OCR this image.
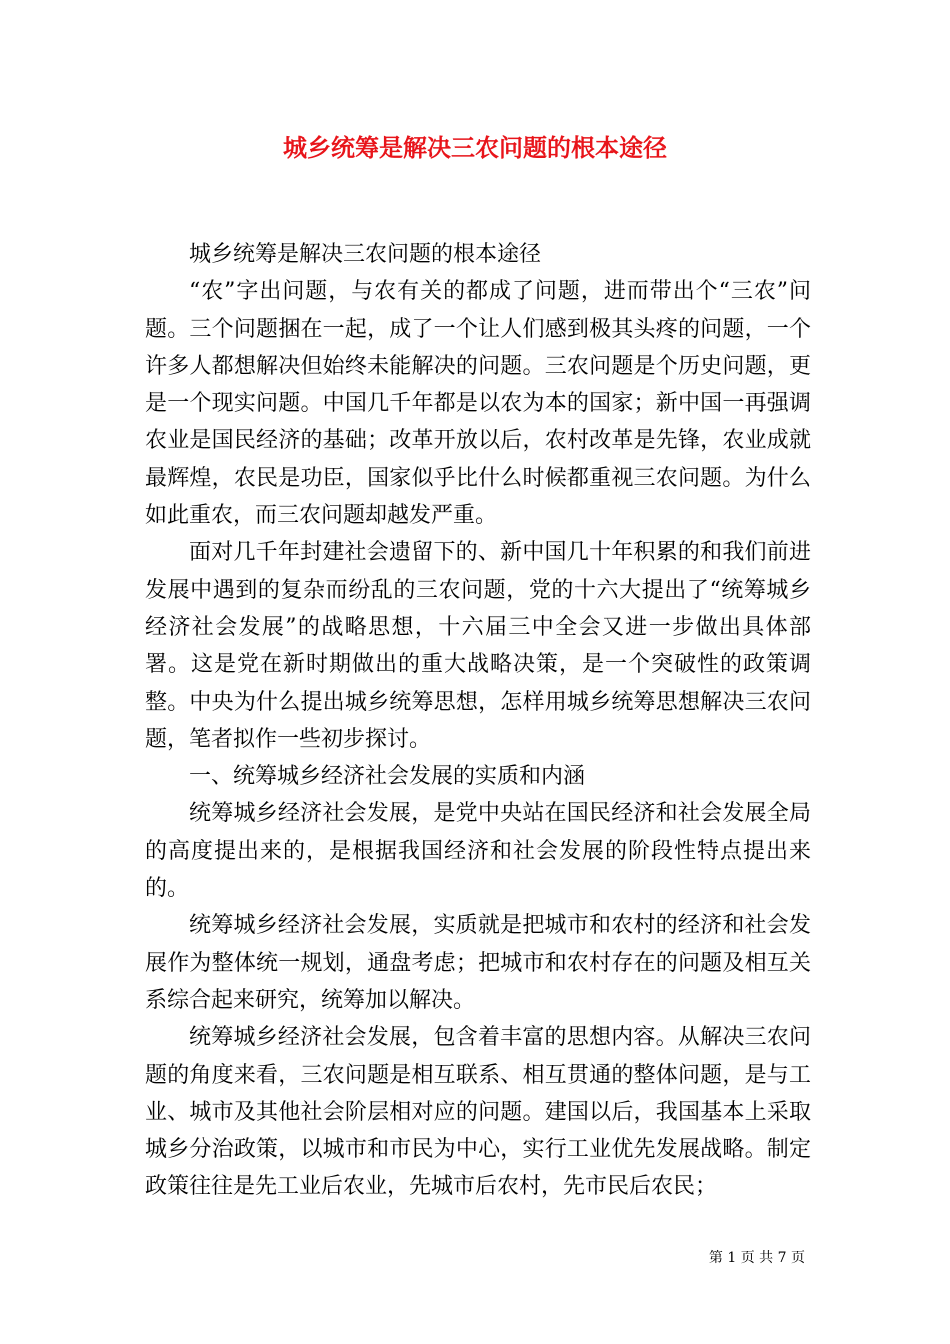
城乡统筹是解决三农问题的根本途径

城乡统筹是解决三农问题的根本途径

“农”字出问题，与农有关的都成了问题，进而带出个“三农”问题。三个问题捆在一起，成了一个让人们感到极其头疼的问题，一个许多人都想解决但始终未能解决的问题。三农问题是个历史问题，更是一个现实问题。中国几千年都是以农为本的国家；新中国一再强调农业是国民经济的基础；改革开放以后，农村改革是先锋，农业成就最辉煌，农民是功臣，国家似乎比什么时候都重视三农问题。为什么如此重农，而三农问题却越发严重。

面对几千年封建社会遗留下的、新中国几十年积累的和我们前进发展中遇到的复杂而纷乱的三农问题，党的十六大提出了“统筹城乡经济社会发展”的战略思想，十六届三中全会又进一步做出具体部署。这是党在新时期做出的重大战略决策，是一个突破性的政策调整。中央为什么提出城乡统筹思想，怎样用城乡统筹思想解决三农问题，笔者拟作一些初步探讨。

一、统筹城乡经济社会发展的实质和内涵

统筹城乡经济社会发展，是党中央站在国民经济和社会发展全局的高度提出来的，是根据我国经济和社会发展的阶段性特点提出来的。

统筹城乡经济社会发展，实质就是把城市和农村的经济和社会发展作为整体统一规划，通盘考虑；把城市和农村存在的问题及相互关系综合起来研究，统筹加以解决。

统筹城乡经济社会发展，包含着丰富的思想内容。从解决三农问题的角度来看，三农问题是相互联系、相互贯通的整体问题，是与工业、城市及其他社会阶层相对应的问题。建国以后，我国基本上采取城乡分治政策，以城市和市民为中心，实行工业优先发展战略。制定政策往往是先工业后农业，先城市后农村，先市民后农民；

第 1 页 共 7 页
